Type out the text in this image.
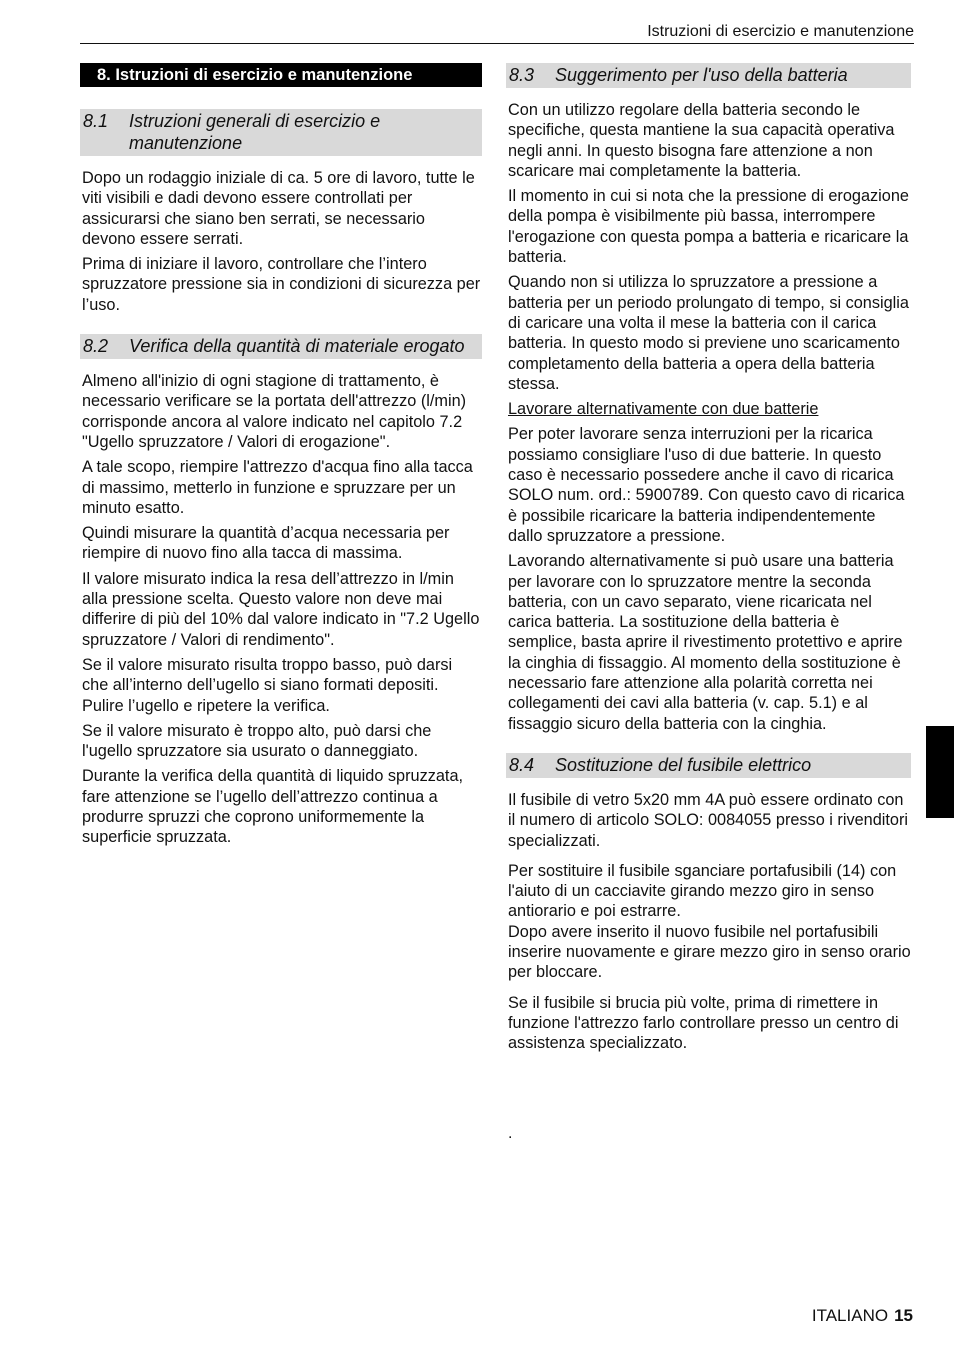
Istruzioni di esercizio e manutenzione
8. Istruzioni di esercizio e manutenzione
8.1	Istruzioni generali di esercizio e manutenzione

Dopo un rodaggio iniziale di ca. 5 ore di lavoro, tutte le viti visibili e dadi devono essere controllati per assicurarsi che siano ben serrati, se necessario devono essere serrati.

Prima di iniziare il lavoro, controllare che l’intero spruzzatore pressione sia in condizioni di sicurezza per l’uso.

8.2	Verifica della quantità di materiale erogato

Almeno all'inizio di ogni stagione di trattamento, è necessario verificare se la portata dell'attrezzo (l/min) corrisponde ancora al valore indicato nel capitolo 7.2 "Ugello spruzzatore / Valori di erogazione".

A tale scopo, riempire l'attrezzo d'acqua fino alla tacca di massimo, metterlo in funzione e spruzzare per un minuto esatto.

Quindi misurare la quantità d’acqua necessaria per riempire di nuovo fino alla tacca di massima.

Il valore misurato indica la resa dell’attrezzo in l/min alla pressione scelta. Questo valore non deve mai differire di più del 10% dal valore indicato in "7.2 Ugello spruzzatore / Valori di rendimento".

Se il valore misurato risulta troppo basso, può darsi che all’interno dell’ugello si siano formati depositi. Pulire l’ugello e ripetere la verifica.

Se il valore misurato è troppo alto, può darsi che l'ugello spruzzatore sia usurato o danneggiato.

Durante la verifica della quantità di liquido spruzzata, fare attenzione se l’ugello dell’attrezzo continua a produrre spruzzi che coprono uniformemente la superficie spruzzata.

8.3	Suggerimento per l'uso della batteria

Con un utilizzo regolare della batteria secondo le specifiche, questa mantiene la sua capacità operativa negli anni. In questo bisogna fare attenzione a non scaricare mai completamente la batteria.

Il momento in cui si nota che la pressione di erogazione della pompa è visibilmente più bassa, interrompere l'erogazione con questa pompa a batteria e ricaricare la batteria.

Quando non si utilizza lo spruzzatore a pressione a batteria per un periodo prolungato di tempo, si consiglia di caricare una volta il mese la batteria con il carica batteria. In questo modo si previene uno scaricamento completamento della batteria a opera della batteria stessa.

Lavorare alternativamente con due batterie

Per poter lavorare senza interruzioni per la ricarica possiamo consigliare l'uso di due batterie. In questo caso è necessario possedere anche il cavo di ricarica SOLO num. ord.: 5900789. Con questo cavo di ricarica è possibile ricaricare la batteria indipendentemente dallo spruzzatore a pressione.

Lavorando alternativamente si può usare una batteria per lavorare con lo spruzzatore mentre la seconda batteria, con un cavo separato, viene ricaricata nel carica batteria. La sostituzione della batteria è semplice, basta aprire il rivestimento protettivo e aprire la cinghia di fissaggio. Al momento della sostituzione è necessario fare attenzione alla polarità corretta nei collegamenti dei cavi alla batteria (v. cap. 5.1) e al fissaggio sicuro della batteria con la cinghia.

8.4	Sostituzione del fusibile elettrico

Il fusibile di vetro 5x20 mm 4A può essere ordinato con il numero di articolo SOLO: 0084055 presso i rivenditori specializzati.

Per sostituire il fusibile sganciare portafusibili (14) con l'aiuto di un cacciavite girando mezzo giro in senso antiorario e poi estrarre.

Dopo avere inserito il nuovo fusibile nel portafusibili inserire nuovamente e girare mezzo giro in senso orario per bloccare.

Se il fusibile si brucia più volte, prima di rimettere in funzione l'attrezzo farlo controllare presso un centro di assistenza specializzato.

.
ITALIANO 15
